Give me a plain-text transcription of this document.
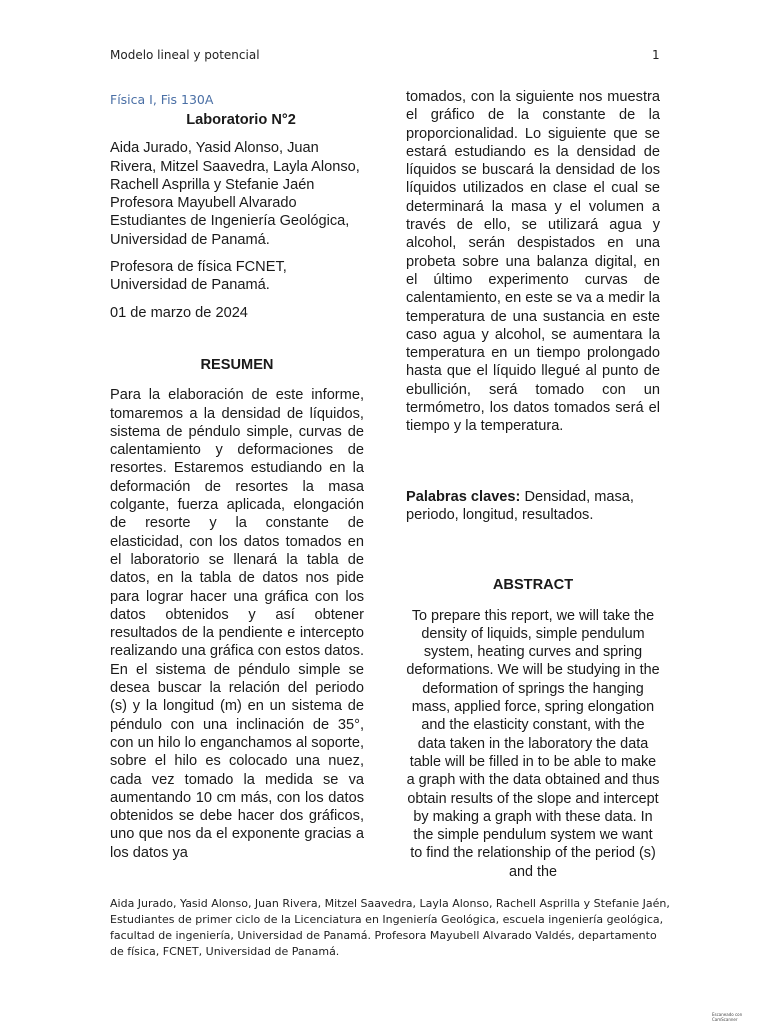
Modelo lineal y potencial	1
Física I, Fis 130A
Laboratorio N°2
Aida Jurado, Yasid Alonso, Juan Rivera, Mitzel Saavedra, Layla Alonso, Rachell Asprilla y Stefanie Jaén Profesora Mayubell Alvarado Estudiantes de Ingeniería Geológica, Universidad de Panamá.
Profesora de física FCNET, Universidad de Panamá.
01 de marzo de 2024
RESUMEN
Para la elaboración de este informe, tomaremos a la densidad de líquidos, sistema de péndulo simple, curvas de calentamiento y deformaciones de resortes. Estaremos estudiando en la deformación de resortes la masa colgante, fuerza aplicada, elongación de resorte y la constante de elasticidad, con los datos tomados en el laboratorio se llenará la tabla de datos, en la tabla de datos nos pide para lograr hacer una gráfica con los datos obtenidos y así obtener resultados de la pendiente e intercepto realizando una gráfica con estos datos. En el sistema de péndulo simple se desea buscar la relación del periodo (s) y la longitud (m) en un sistema de péndulo con una inclinación de 35°, con un hilo lo enganchamos al soporte, sobre el hilo es colocado una nuez, cada vez tomado la medida se va aumentando 10 cm más, con los datos obtenidos se debe hacer dos gráficos, uno que nos da el exponente gracias a los datos ya
tomados, con la siguiente nos muestra el gráfico de la constante de la proporcionalidad. Lo siguiente que se estará estudiando es la densidad de líquidos se buscará la densidad de los líquidos utilizados en clase el cual se determinará la masa y el volumen a través de ello, se utilizará agua y alcohol, serán despistados en una probeta sobre una balanza digital, en el último experimento curvas de calentamiento, en este se va a medir la temperatura de una sustancia en este caso agua y alcohol, se aumentara la temperatura en un tiempo prolongado hasta que el líquido llegué al punto de ebullición, será tomado con un termómetro, los datos tomados será el tiempo y la temperatura.
Palabras claves: Densidad, masa, periodo, longitud, resultados.
ABSTRACT
To prepare this report, we will take the density of liquids, simple pendulum system, heating curves and spring deformations. We will be studying in the deformation of springs the hanging mass, applied force, spring elongation and the elasticity constant, with the data taken in the laboratory the data table will be filled in to be able to make a graph with the data obtained and thus obtain results of the slope and intercept by making a graph with these data. In the simple pendulum system we want to find the relationship of the period (s) and the
Aida Jurado, Yasid Alonso, Juan Rivera, Mitzel Saavedra, Layla Alonso, Rachell Asprilla y Stefanie Jaén, Estudiantes de primer ciclo de la Licenciatura en Ingeniería Geológica, escuela ingeniería geológica, facultad de ingeniería, Universidad de Panamá. Profesora Mayubell Alvarado Valdés, departamento de física, FCNET, Universidad de Panamá.
Escaneado con CamScanner
